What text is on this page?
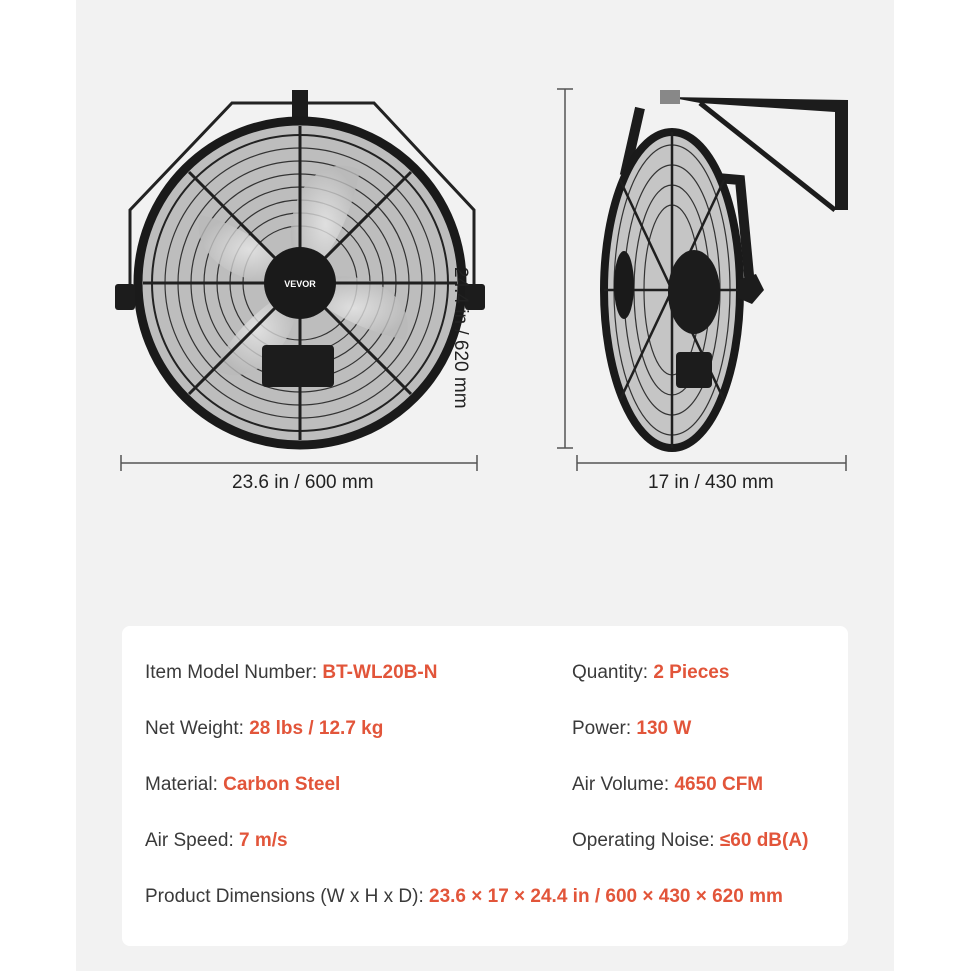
VEVOR
23.6 in / 600 mm	17 in / 430 mm
24.4 in / 620 mm
Item Model Number: BT-WL20B-N	Quantity: 2 Pieces
Net Weight: 28 lbs / 12.7 kg	Power: 130 W
Material: Carbon Steel	Air Volume: 4650 CFM
Air Speed: 7 m/s	Operating Noise: ≤60 dB(A)
Product Dimensions (W x H x D): 23.6 × 17 × 24.4 in / 600 × 430 × 620 mm
